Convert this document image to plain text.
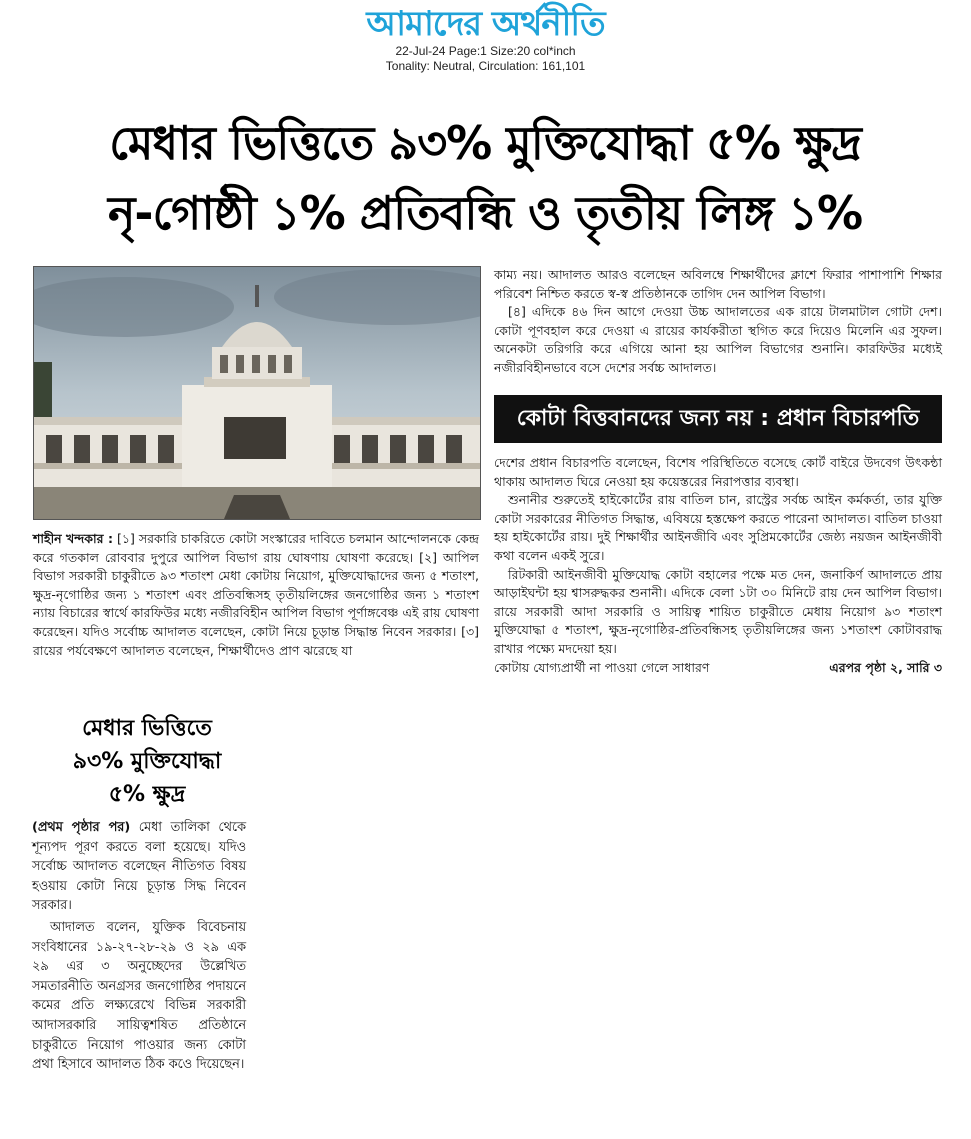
আমাদের অর্থনীতি
22-Jul-24 Page:1 Size:20 col*inch
Tonality: Neutral, Circulation: 161,101
মেধার ভিত্তিতে ৯৩% মুক্তিযোদ্ধা ৫% ক্ষুদ্র
নৃ-গোষ্ঠী ১% প্রতিবন্ধি ও তৃতীয় লিঙ্গ ১%

শাহীন খন্দকার : [১] সরকারি চাকরিতে কোটা সংস্কারের দাবিতে চলমান আন্দোলনকে কেন্দ্র করে গতকাল রোববার দুপুরে আপিল বিভাগ রায় ঘোষণায় ঘোষণা করেছে। [২] আপিল বিভাগ সরকারী চাকুরীতে ৯৩ শতাংশ মেধা কোটায় নিয়োগ, মুক্তিযোদ্ধাদের জন্য ৫ শতাংশ, ক্ষুদ্র-নৃগোষ্ঠির জন্য ১ শতাংশ এবং প্রতিবন্ধিসহ তৃতীয়লিঙ্গের জনগোষ্ঠির জন্য ১ শতাংশ ন্যায় বিচারের স্বার্থে কারফিউর মধ্যে নজীরবিহীন আপিল বিভাগ পূর্ণাঙ্গবেঞ্চ এই রায় ঘোষণা করেছেন। যদিও সর্বোচ্চ আদালত বলেছেন, কোটা নিয়ে চূড়ান্ত সিদ্ধান্ত নিবেন সরকার। [৩] রায়ের পর্যবেক্ষণে আদালত বলেছেন, শিক্ষার্থীদেও প্রাণ ঝরেছে যা

কাম্য নয়। আদালত আরও বলেছেন অবিলম্বে শিক্ষার্থীদের ক্লাশে ফিরার পাশাপাশি শিক্ষার পরিবেশ নিশ্চিত করতে স্ব-স্ব প্রতিষ্ঠানকে তাগিদ দেন আপিল বিভাগ।

[৪] এদিকে ৪৬ দিন আগে দেওয়া উচ্চ আদালতের এক রায়ে টালমাটাল গোটা দেশ। কোটা পূণবহাল করে দেওয়া এ রায়ের কার্যকরীতা স্থগিত করে দিয়েও মিলেনি এর সুফল। অনেকটা তরিগরি করে এগিয়ে আনা হয় আপিল বিভাগের শুনানি। কারফিউর মধ্যেই নজীরবিহীনভাবে বসে দেশের সর্বচ্চ আদালত।

কোটা বিত্তবানদের জন্য নয় : প্রধান বিচারপতি

দেশের প্রধান বিচারপতি বলেছেন, বিশেষ পরিস্থিতিতে বসেছে কোর্ট বাইরে উদবেগ উৎকন্ঠা থাকায় আদালত ঘিরে নেওয়া হয় কয়েস্তরের নিরাপত্তার ব্যবস্থা।

শুনানীর শুরুতেই হাইকোর্টের রায় বাতিল চান, রাস্ট্রের সর্বচ্চ আইন কর্মকর্তা, তার যুক্তি কোটা সরকারের নীতিগত সিদ্ধান্ত, এবিষয়ে হস্তক্ষেপ করতে পারেনা আদালত। বাতিল চাওয়া হয় হাইকোর্টের রায়। দুই শিক্ষার্থীর আইনজীবি এবং সুপ্রিমকোর্টের জেষ্ঠ্য নয়জন আইনজীবী কথা বলেন একই সুরে।

রিটকারী আইনজীবী মুক্তিযোদ্ধ কোটা বহালের পক্ষে মত দেন, জনাকির্ণ আদালতে প্রায় আড়াইঘন্টা হয় শ্বাসরুদ্ধকর শুনানী। এদিকে বেলা ১টা ৩০ মিনিটে রায় দেন আপিল বিভাগ। রায়ে সরকারী আদা সরকারি ও সায়িত্ব শায়িত চাকুরীতে মেধায় নিয়োগ ৯৩ শতাংশ মুক্তিযোদ্ধা ৫ শতাংশ, ক্ষুদ্র-নৃগোষ্ঠির-প্রতিবন্ধিসহ তৃতীয়লিঙ্গের জন্য ১শতাংশ কোটাবরাদ্ধ রাখার পক্ষ্যে মদদেয়া হয়।

কোটায় যোগ্যপ্রার্থী না পাওয়া গেলে সাধারণ	এরপর পৃষ্ঠা ২, সারি ৩
মেধার ভিত্তিতে
৯৩% মুক্তিযোদ্ধা
৫% ক্ষুদ্র

(প্রথম পৃষ্ঠার পর) মেধা তালিকা থেকে শূন্যপদ পূরণ করতে বলা হয়েছে। যদিও সর্বোচ্চ আদালত বলেছেন নীতিগত বিষয় হওয়ায় কোটা নিয়ে চূড়ান্ত সিদ্ধ নিবেন সরকার।

আদালত বলেন, যুক্তিক বিবেচনায় সংবিধানের ১৯-২৭-২৮-২৯ ও ২৯ এক ২৯ এর ৩ অনুচ্ছেদের উল্লেখিত সমতারনীতি অনগ্রসর জনগোষ্ঠির পদায়নে কমের প্রতি লক্ষ্যরেখে বিভিন্ন সরকারী আদাসরকারি সায়িত্বশষিত প্রতিষ্ঠানে চাকুরীতে নিয়োগ পাওয়ার জন্য কোটা প্রথা হিসাবে আদালত ঠিক কওে দিয়েছেন।
